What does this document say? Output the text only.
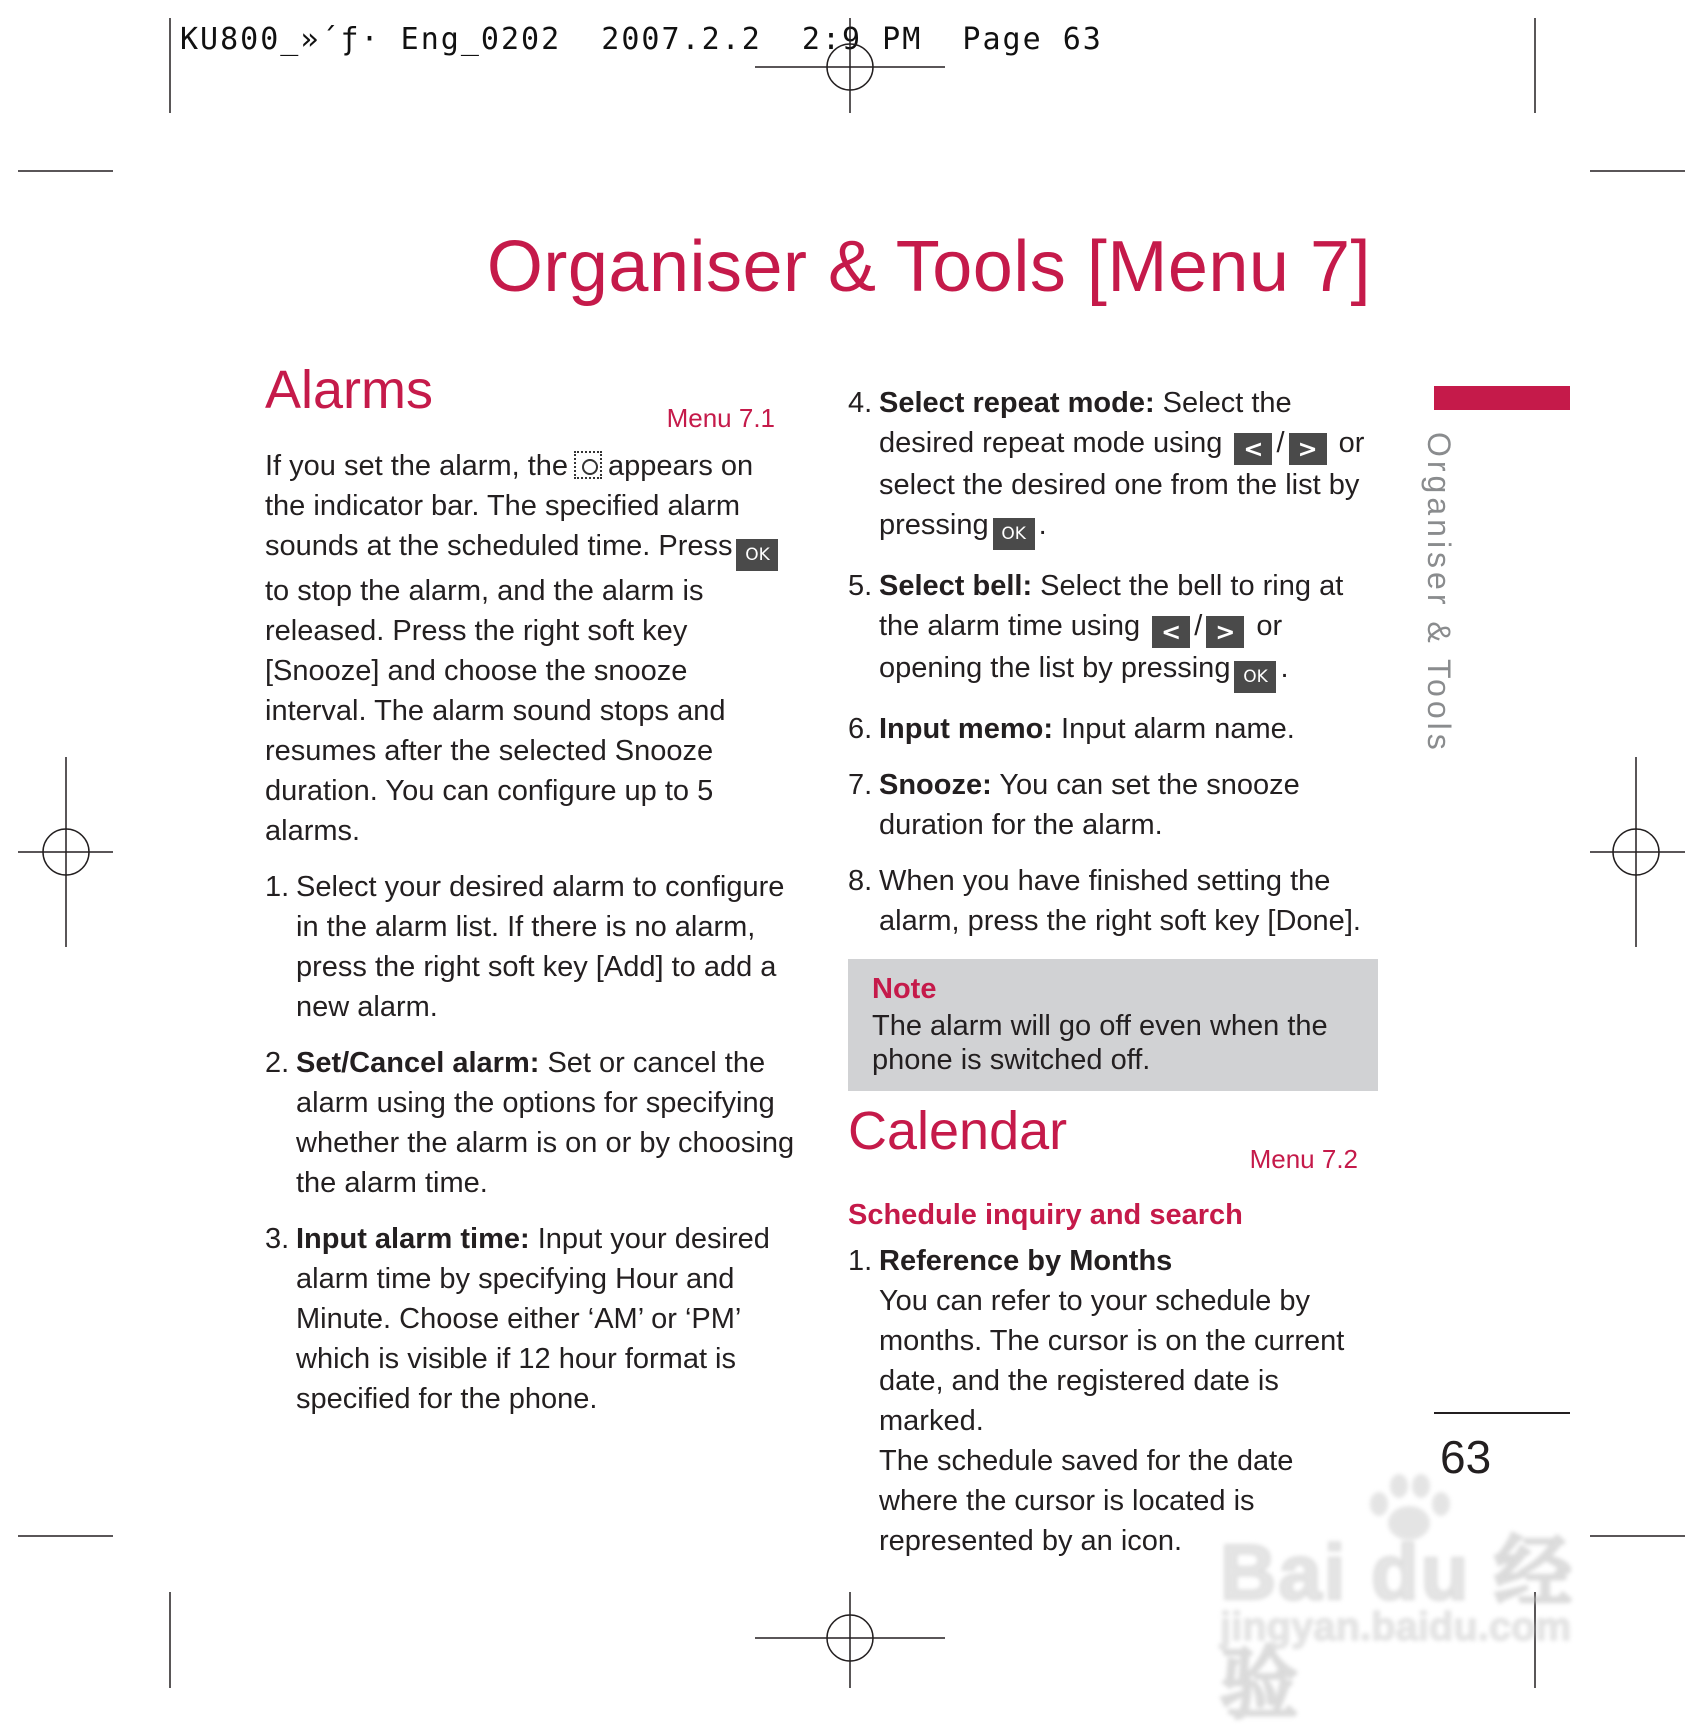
KU800_»´ƒ· Eng_0202  2007.2.2  2:9 PM  Page 63
Organiser & Tools [Menu 7]
Organiser & Tools
Alarms	Menu 7.1

If you set the alarm, the appears on the indicator bar. The specified alarm sounds at the scheduled time. Press OKto stop the alarm, and the alarm is released. Press the right soft key [Snooze] and choose the snooze interval. The alarm sound stops and resumes after the selected Snooze duration. You can configure up to 5 alarms.

1. Select your desired alarm to configure in the alarm list. If there is no alarm, press the right soft key [Add] to add a new alarm.
2. Set/Cancel alarm: Set or cancel the alarm using the options for specifying whether the alarm is on or by choosing the alarm time.
3. Input alarm time: Input your desired alarm time by specifying Hour and Minute. Choose either ‘AM’ or ‘PM’ which is visible if 12 hour format is specified for the phone.
4. Select repeat mode: Select the desired repeat mode using < / > or select the desired one from the list by pressing OK .
5. Select bell: Select the bell to ring at the alarm time using < / > or opening the list by pressing OK .
6. Input memo: Input alarm name.
7. Snooze: You can set the snooze duration for the alarm.
8. When you have finished setting the alarm, press the right soft key [Done].
Note
The alarm will go off even when the phone is switched off.
Calendar	Menu 7.2
Schedule inquiry and search
1. Reference by Months
You can refer to your schedule by months. The cursor is on the current date, and the registered date is marked.
The schedule saved for the date where the cursor is located is represented by an icon.
63
Bai du 经验
jingyan.baidu.com
